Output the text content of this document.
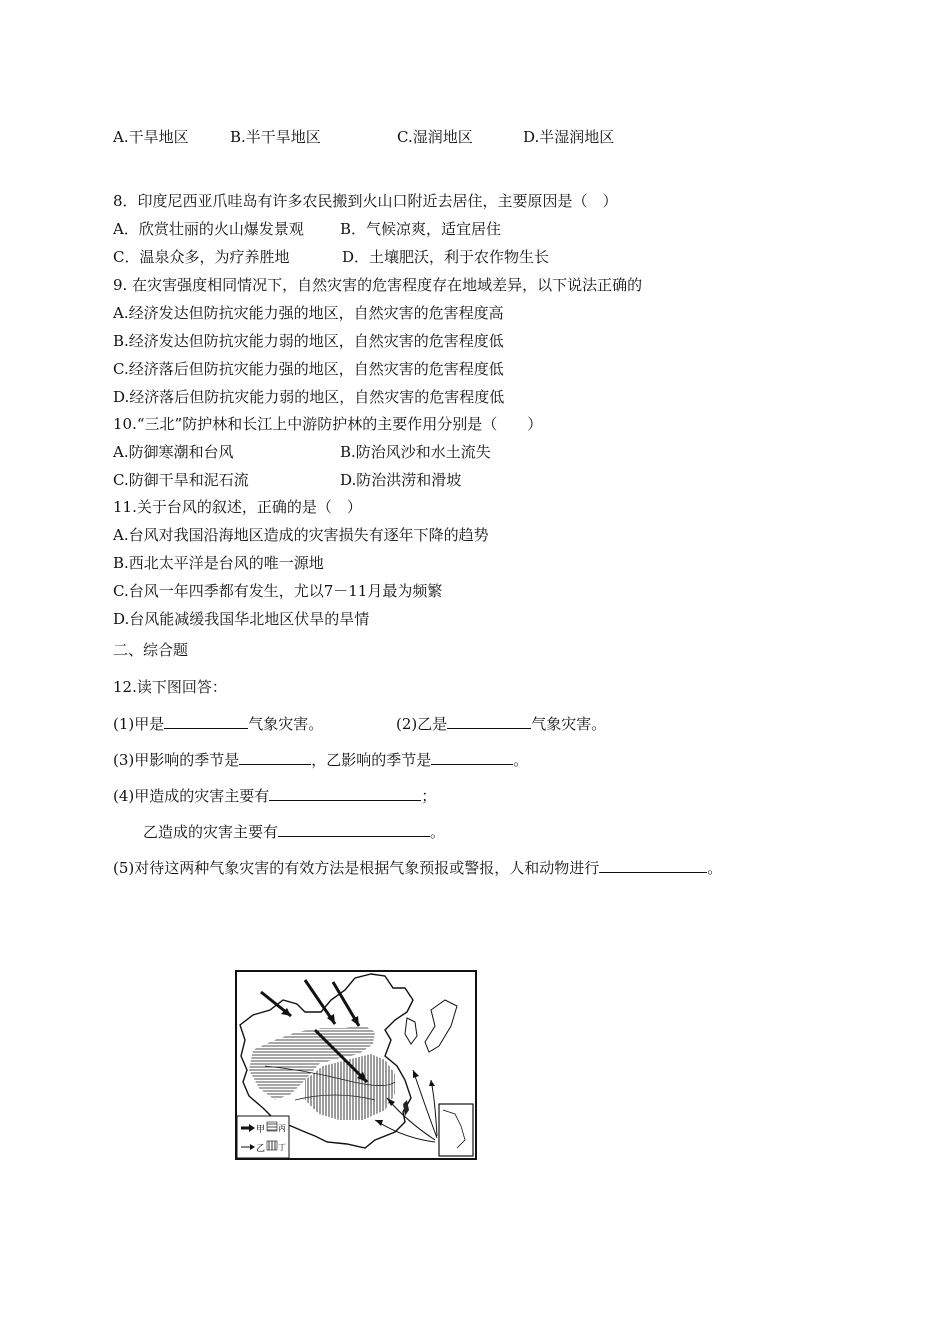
A.干旱地区	B.半干旱地区	C.湿润地区	D.半湿润地区
8．印度尼西亚爪哇岛有许多农民搬到火山口附近去居住，主要原因是（　）
A．欣赏壮丽的火山爆发景观 B．气候凉爽，适宜居住
C．温泉众多，为疗养胜地	D．土壤肥沃，利于农作物生长
9. 在灾害强度相同情况下，自然灾害的危害程度存在地域差异，以下说法正确的
A.经济发达但防抗灾能力强的地区，自然灾害的危害程度高
B.经济发达但防抗灾能力弱的地区，自然灾害的危害程度低
C.经济落后但防抗灾能力强的地区，自然灾害的危害程度低
D.经济落后但防抗灾能力弱的地区，自然灾害的危害程度低
10.“三北”防护林和长江上中游防护林的主要作用分别是（　　）
A.防御寒潮和台风	B.防治风沙和水土流失
C.防御干旱和泥石流	D.防治洪涝和滑坡
11.关于台风的叙述，正确的是（　）
A.台风对我国沿海地区造成的灾害损失有逐年下降的趋势
B.西北太平洋是台风的唯一源地
C.台风一年四季都有发生，尤以7－11月最为频繁
D.台风能减缓我国华北地区伏旱的旱情
二、综合题
12.读下图回答：
(1)甲是	气象灾害。	(2)乙是	气象灾害。
(3)甲影响的季节是	，乙影响的季节是	。
(4)甲造成的灾害主要有	；
乙造成的灾害主要有	。
(5)对待这两种气象灾害的有效方法是根据气象预报或警报，人和动物进行	。
甲 丙
乙 丁
